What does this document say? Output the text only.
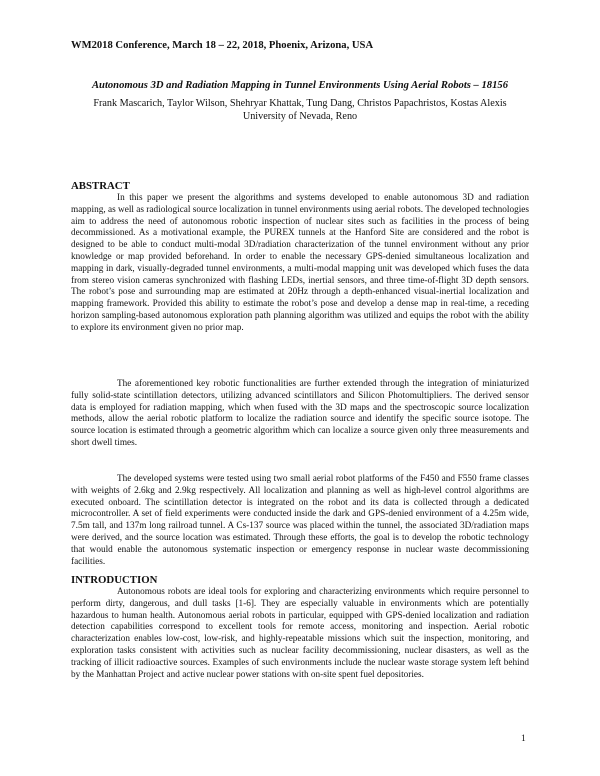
WM2018 Conference, March 18 – 22, 2018, Phoenix, Arizona, USA
Autonomous 3D and Radiation Mapping in Tunnel Environments Using Aerial Robots – 18156
Frank Mascarich, Taylor Wilson, Shehryar Khattak, Tung Dang, Christos Papachristos, Kostas Alexis
University of Nevada, Reno
ABSTRACT

In this paper we present the algorithms and systems developed to enable autonomous 3D and radiation mapping, as well as radiological source localization in tunnel environments using aerial robots. The developed technologies aim to address the need of autonomous robotic inspection of nuclear sites such as facilities in the process of being decommissioned. As a motivational example, the PUREX tunnels at the Hanford Site are considered and the robot is designed to be able to conduct multi-modal 3D/radiation characterization of the tunnel environment without any prior knowledge or map provided beforehand. In order to enable the necessary GPS-denied simultaneous localization and mapping in dark, visually-degraded tunnel environments, a multi-modal mapping unit was developed which fuses the data from stereo vision cameras synchronized with flashing LEDs, inertial sensors, and three time-of-flight 3D depth sensors. The robot’s pose and surrounding map are estimated at 20Hz through a depth-enhanced visual-inertial localization and mapping framework. Provided this ability to estimate the robot’s pose and develop a dense map in real-time, a receding horizon sampling-based autonomous exploration path planning algorithm was utilized and equips the robot with the ability to explore its environment given no prior map.

The aforementioned key robotic functionalities are further extended through the integration of miniaturized fully solid-state scintillation detectors, utilizing advanced scintillators and Silicon Photomultipliers. The derived sensor data is employed for radiation mapping, which when fused with the 3D maps and the spectroscopic source localization methods, allow the aerial robotic platform to localize the radiation source and identify the specific source isotope. The source location is estimated through a geometric algorithm which can localize a source given only three measurements and short dwell times.

The developed systems were tested using two small aerial robot platforms of the F450 and F550 frame classes with weights of 2.6kg and 2.9kg respectively. All localization and planning as well as high-level control algorithms are executed onboard. The scintillation detector is integrated on the robot and its data is collected through a dedicated microcontroller. A set of field experiments were conducted inside the dark and GPS-denied environment of a 4.25m wide, 7.5m tall, and 137m long railroad tunnel. A Cs-137 source was placed within the tunnel, the associated 3D/radiation maps were derived, and the source location was estimated. Through these efforts, the goal is to develop the robotic technology that would enable the autonomous systematic inspection or emergency response in nuclear waste decommissioning facilities.

INTRODUCTION

Autonomous robots are ideal tools for exploring and characterizing environments which require personnel to perform dirty, dangerous, and dull tasks [1-6]. They are especially valuable in environments which are potentially hazardous to human health. Autonomous aerial robots in particular, equipped with GPS-denied localization and radiation detection capabilities correspond to excellent tools for remote access, monitoring and inspection. Aerial robotic characterization enables low-cost, low-risk, and highly-repeatable missions which suit the inspection, monitoring, and exploration tasks consistent with activities such as nuclear facility decommissioning, nuclear disasters, as well as the tracking of illicit radioactive sources. Examples of such environments include the nuclear waste storage system left behind by the Manhattan Project and active nuclear power stations with on-site spent fuel depositories.

1
